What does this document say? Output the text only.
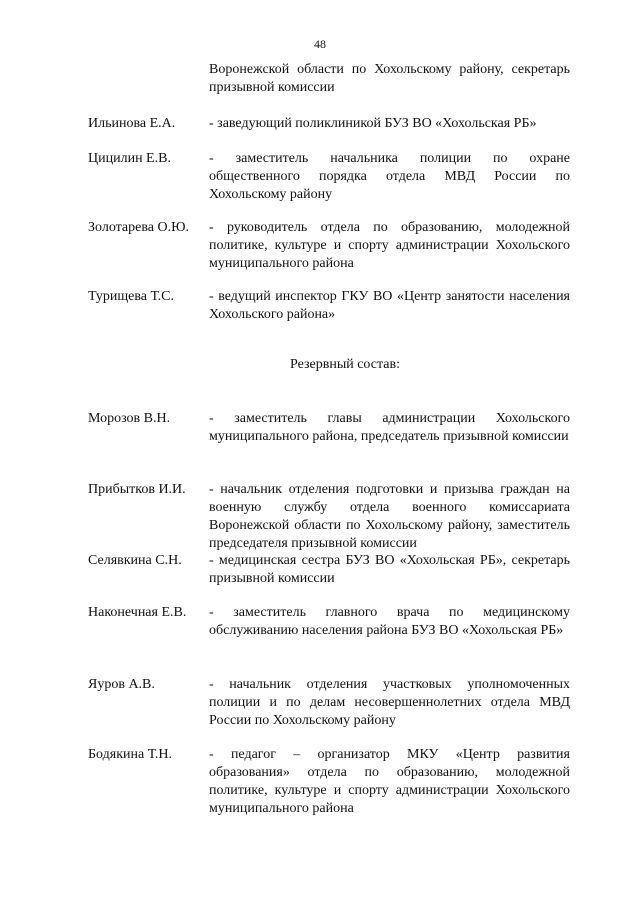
48
Воронежской области по Хохольскому району, секретарь призывной комиссии
Ильинова Е.А. - заведующий поликлиникой БУЗ ВО «Хохольская РБ»
Цицилин Е.В.	- заместитель начальника полиции по охране общественного порядка отдела МВД России по Хохольскому району
Золотарева О.Ю. - руководитель отдела по образованию, молодежной политике, культуре и спорту администрации Хохольского муниципального района
Турищева Т.С.	- ведущий инспектор ГКУ ВО «Центр занятости населения Хохольского района»
Резервный состав:
Морозов В.Н.	- заместитель главы администрации Хохольского муниципального района, председатель призывной комиссии
Прибытков И.И. - начальник отделения подготовки и призыва граждан на военную службу отдела военного комиссариата Воронежской области по Хохольскому району, заместитель председателя призывной комиссии
Селявкина С.Н. - медицинская сестра БУЗ ВО «Хохольская РБ», секретарь призывной комиссии
Наконечная Е.В. - заместитель главного врача по медицинскому обслуживанию населения района БУЗ ВО «Хохольская РБ»
Яуров А.В.	- начальник отделения участковых уполномоченных полиции и по делам несовершеннолетних отдела МВД России по Хохольскому району
Бодякина Т.Н.	- педагог – организатор МКУ «Центр развития образования» отдела по образованию, молодежной политике, культуре и спорту администрации Хохольского муниципального района
